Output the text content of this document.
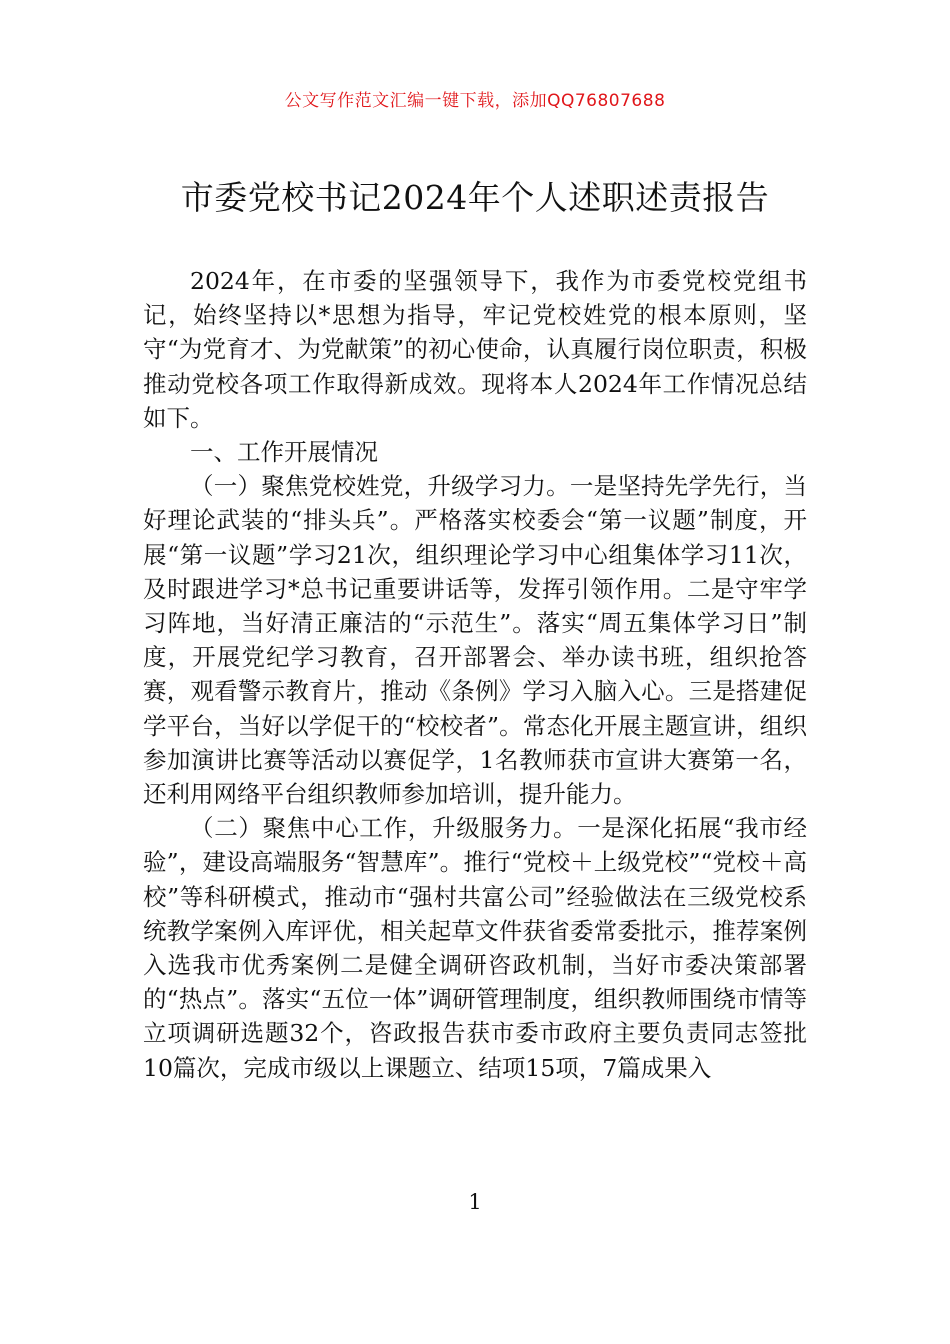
公文写作范文汇编一键下载，添加QQ76807688
市委党校书记2024年个人述职述责报告

2024年，在市委的坚强领导下，我作为市委党校党组书记，始终坚持以*思想为指导，牢记党校姓党的根本原则，坚守“为党育才、为党献策”的初心使命，认真履行岗位职责，积极推动党校各项工作取得新成效。现将本人2024年工作情况总结如下。

一、工作开展情况

（一）聚焦党校姓党，升级学习力。一是坚持先学先行，当好理论武装的“排头兵”。严格落实校委会“第一议题”制度，开展“第一议题”学习21次，组织理论学习中心组集体学习11次，及时跟进学习*总书记重要讲话等，发挥引领作用。二是守牢学习阵地，当好清正廉洁的“示范生”。落实“周五集体学习日”制度，开展党纪学习教育，召开部署会、举办读书班，组织抢答赛，观看警示教育片，推动《条例》学习入脑入心。三是搭建促学平台，当好以学促干的“校校者”。常态化开展主题宣讲，组织参加演讲比赛等活动以赛促学，1名教师获市宣讲大赛第一名，还利用网络平台组织教师参加培训，提升能力。

（二）聚焦中心工作，升级服务力。一是深化拓展“我市经验”，建设高端服务“智慧库”。推行“党校＋上级党校”“党校＋高校”等科研模式，推动市“强村共富公司”经验做法在三级党校系统教学案例入库评优，相关起草文件获省委常委批示，推荐案例入选我市优秀案例二是健全调研咨政机制，当好市委决策部署的“热点”。落实“五位一体”调研管理制度，组织教师围绕市情等立项调研选题32个，咨政报告获市委市政府主要负责同志签批10篇次，完成市级以上课题立、结项15项，7篇成果入

1
